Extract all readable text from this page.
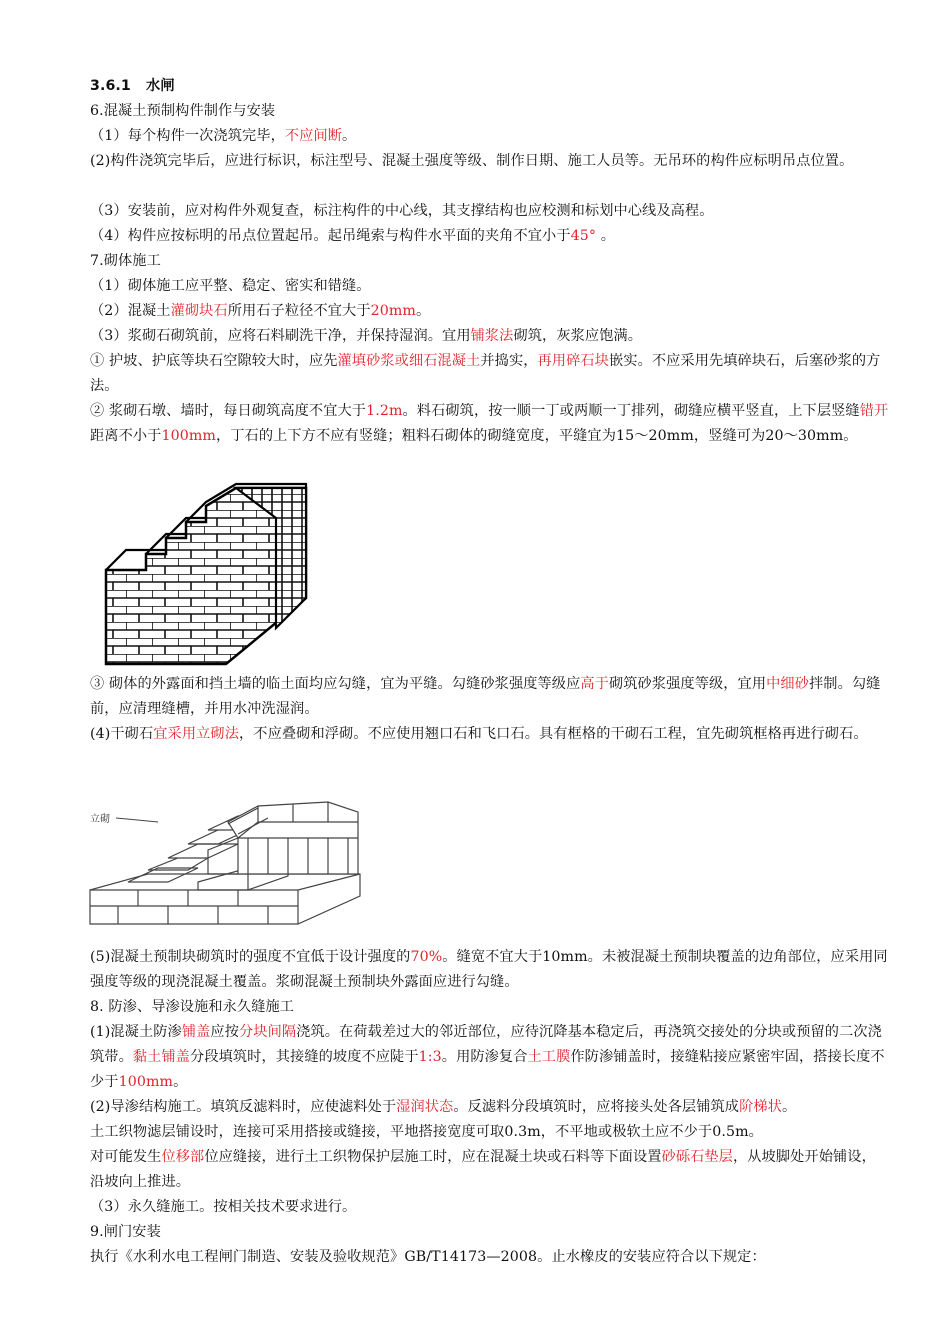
3.6.1 水闸
6.混凝土预制构件制作与安装
（1）每个构件一次浇筑完毕，不应间断。
(2)构件浇筑完毕后，应进行标识，标注型号、混凝土强度等级、制作日期、施工人员等。无吊环的构件应标明吊点位置。
（3）安装前，应对构件外观复查，标注构件的中心线，其支撑结构也应校测和标划中心线及高程。
（4）构件应按标明的吊点位置起吊。起吊绳索与构件水平面的夹角不宜小于45° 。
7.砌体施工
（1）砌体施工应平整、稳定、密实和错缝。
（2）混凝土灌砌块石所用石子粒径不宜大于20mm。
（3）浆砌石砌筑前，应将石料刷洗干净，并保持湿润。宜用铺浆法砌筑，灰浆应饱满。
① 护坡、护底等块石空隙较大时，应先灌填砂浆或细石混凝土并捣实，再用碎石块嵌实。不应采用先填碎块石，后塞砂浆的方法。
② 浆砌石墩、墙时，每日砌筑高度不宜大于1.2m。料石砌筑，按一顺一丁或两顺一丁排列，砌缝应横平竖直，上下层竖缝错开距离不小于100mm，丁石的上下方不应有竖缝；粗料石砌体的砌缝宽度，平缝宜为15～20mm，竖缝可为20～30mm。
③ 砌体的外露面和挡土墙的临土面均应勾缝，宜为平缝。勾缝砂浆强度等级应高于砌筑砂浆强度等级，宜用中细砂拌制。勾缝前，应清理缝槽，并用水冲洗湿润。
(4)干砌石宜采用立砌法，不应叠砌和浮砌。不应使用翘口石和飞口石。具有框格的干砌石工程，宜先砌筑框格再进行砌石。
立砌
(5)混凝土预制块砌筑时的强度不宜低于设计强度的70%。缝宽不宜大于10mm。未被混凝土预制块覆盖的边角部位，应采用同强度等级的现浇混凝土覆盖。浆砌混凝土预制块外露面应进行勾缝。
8. 防渗、导渗设施和永久缝施工
(1)混凝土防渗铺盖应按分块间隔浇筑。在荷载差过大的邻近部位，应待沉降基本稳定后，再浇筑交接处的分块或预留的二次浇筑带。黏土铺盖分段填筑时，其接缝的坡度不应陡于1:3。用防渗复合土工膜作防渗铺盖时，接缝粘接应紧密牢固，搭接长度不少于100mm。
(2)导渗结构施工。填筑反滤料时，应使滤料处于湿润状态。反滤料分段填筑时，应将接头处各层铺筑成阶梯状。
土工织物滤层铺设时，连接可采用搭接或缝接，平地搭接宽度可取0.3m，不平地或极软土应不少于0.5m。
对可能发生位移部位应缝接，进行土工织物保护层施工时，应在混凝土块或石料等下面设置砂砾石垫层，从坡脚处开始铺设，沿坡向上推进。
（3）永久缝施工。按相关技术要求进行。
9.闸门安装
执行《水利水电工程闸门制造、安装及验收规范》GB/T14173—2008。止水橡皮的安装应符合以下规定：
